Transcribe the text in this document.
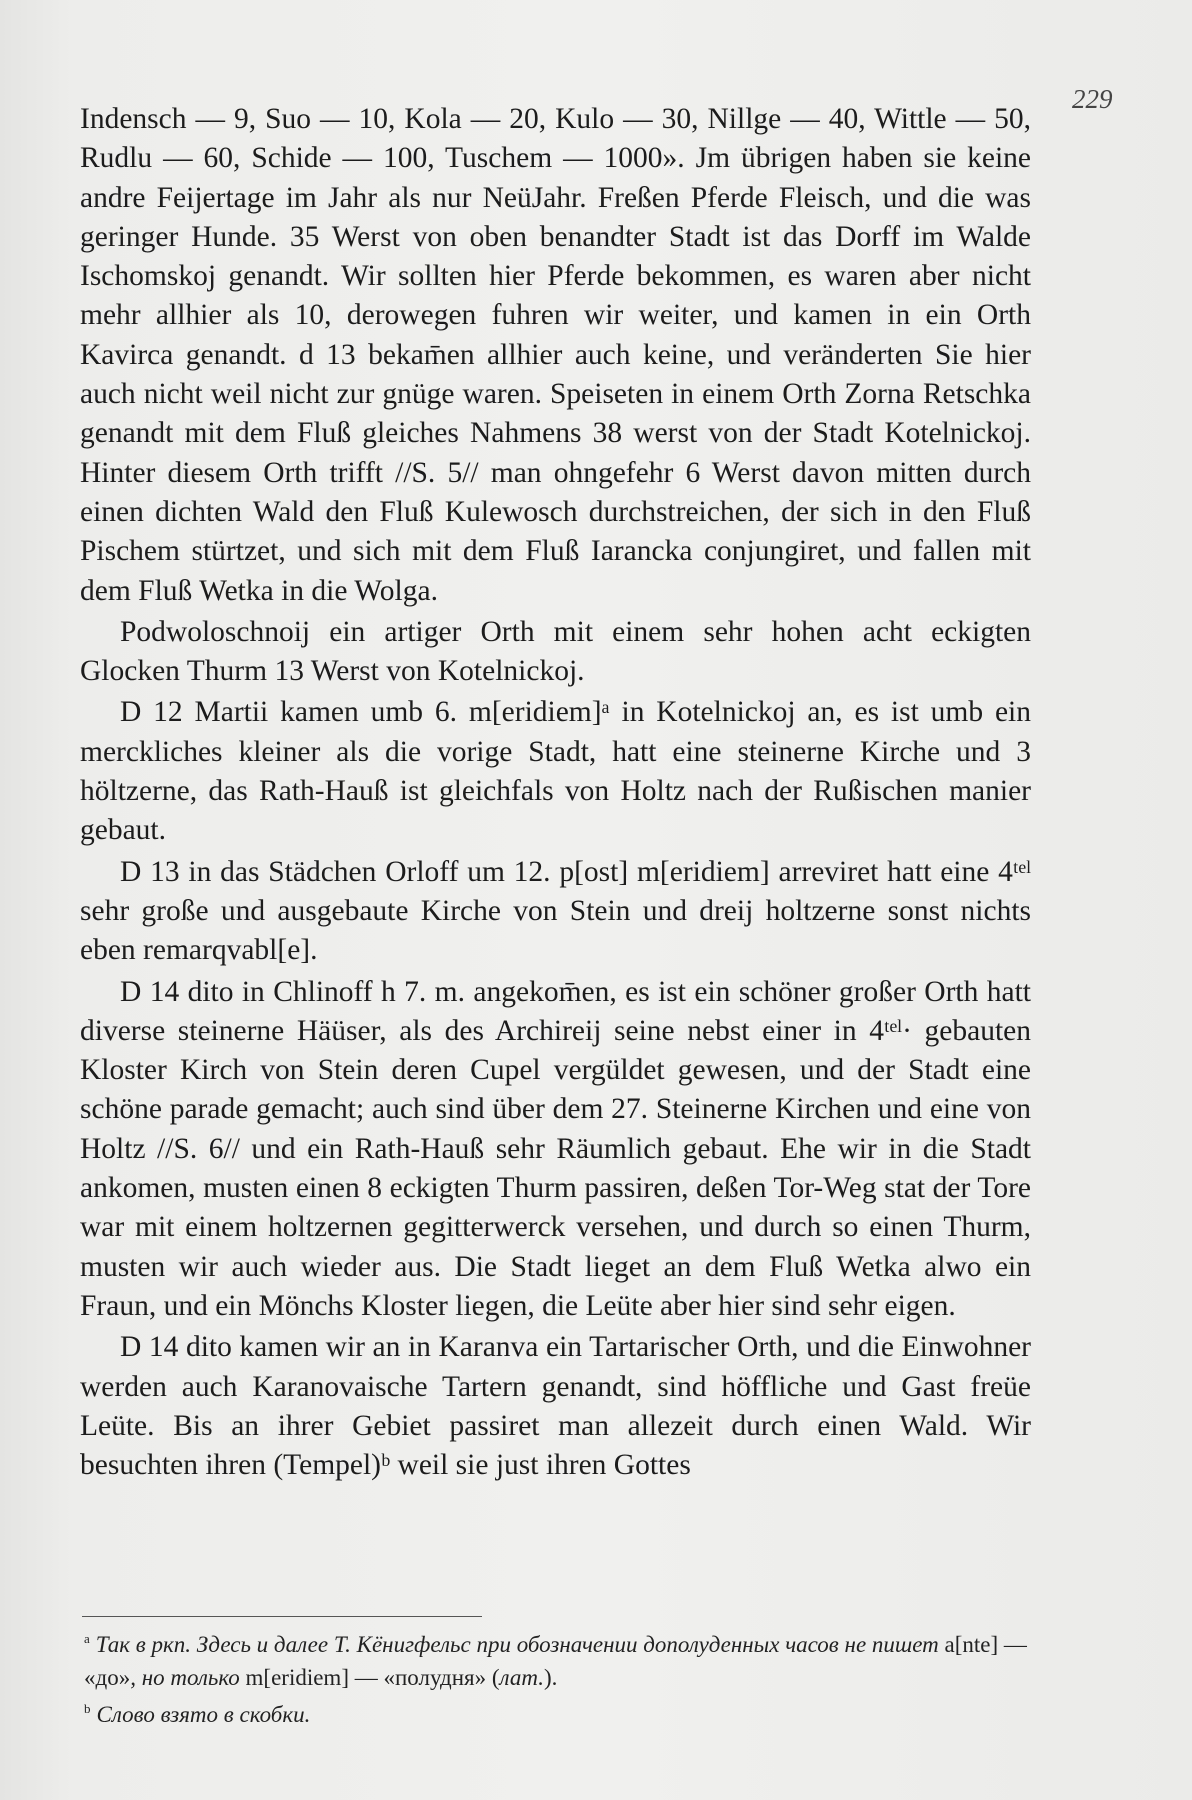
229

Indensch — 9, Suo — 10, Kola — 20, Kulo — 30, Nillge — 40, Wittle — 50, Rudlu — 60, Schide — 100, Tuschem — 1000». Jm übrigen haben sie keine andre Feijertage im Jahr als nur NeüJahr. Freßen Pferde Fleisch, und die was geringer Hunde. 35 Werst von oben benandter Stadt ist das Dorff im Walde Ischomskoj genandt. Wir sollten hier Pferde bekommen, es waren aber nicht mehr allhier als 10, derowegen fuhren wir weiter, und kamen in ein Orth Kavirca genandt. d 13 bekam̄en allhier auch keine, und veränderten Sie hier auch nicht weil nicht zur gnüge waren. Speiseten in einem Orth Zorna Retschka genandt mit dem Fluß gleiches Nahmens 38 werst von der Stadt Kotelnickoj. Hinter diesem Orth trifft //S. 5// man ohngefehr 6 Werst davon mitten durch einen dichten Wald den Fluß Kulewosch durchstreichen, der sich in den Fluß Pischem stürtzet, und sich mit dem Fluß Iarancka conjungiret, und fallen mit dem Fluß Wetka in die Wolga.

Podwoloschnoij ein artiger Orth mit einem sehr hohen acht eckigten Glocken Thurm 13 Werst von Kotelnickoj.

D 12 Martii kamen umb 6. m[eridiem]ᵃ in Kotelnickoj an, es ist umb ein merckliches kleiner als die vorige Stadt, hatt eine steinerne Kirche und 3 höltzerne, das Rath-Hauß ist gleichfals von Holtz nach der Rußischen manier gebaut.

D 13 in das Städchen Orloff um 12. p[ost] m[eridiem] arreviret hatt eine 4ᵗᵉˡ sehr große und ausgebaute Kirche von Stein und dreij holtzerne sonst nichts eben remarqvabl[e].

D 14 dito in Chlinoff h 7. m. angekom̄en, es ist ein schöner großer Orth hatt diverse steinerne Häüser, als des Archireij seine nebst einer in 4ᵗᵉˡ· gebauten Kloster Kirch von Stein deren Cupel vergüldet gewesen, und der Stadt eine schöne parade gemacht; auch sind über dem 27. Steinerne Kirchen und eine von Holtz //S. 6// und ein Rath-Hauß sehr Räumlich gebaut. Ehe wir in die Stadt ankomen, musten einen 8 eckigten Thurm passiren, deßen Tor-Weg stat der Tore war mit einem holtzernen gegitterwerck versehen, und durch so einen Thurm, musten wir auch wieder aus. Die Stadt lieget an dem Fluß Wetka alwo ein Fraun, und ein Mönchs Kloster liegen, die Leüte aber hier sind sehr eigen.

D 14 dito kamen wir an in Karanva ein Tartarischer Orth, und die Einwohner werden auch Karanovaische Tartern genandt, sind höffliche und Gast freüe Leüte. Bis an ihrer Gebiet passiret man allezeit durch einen Wald. Wir besuchten ihren (Tempel)ᵇ weil sie just ihren Gottes

$^a$ Так в ркп. Здесь и далее Т. Кёнигфельс при обозначении дополуденных часов не пишет a[nte] — «до», но только m[eridiem] — «полудня» (лат.).

$^b$ Слово взято в скобки.
